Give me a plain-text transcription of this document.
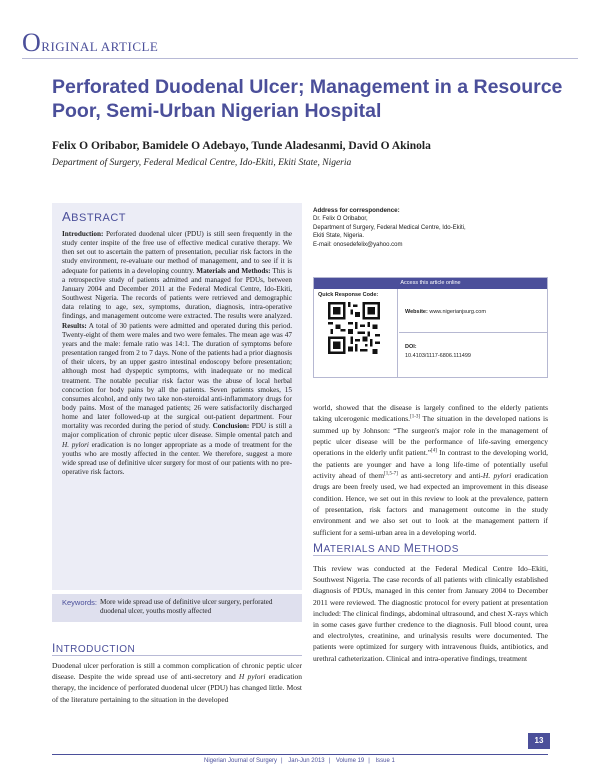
ORIGINAL ARTICLE
Perforated Duodenal Ulcer; Management in a Resource Poor, Semi-Urban Nigerian Hospital
Felix O Oribabor, Bamidele O Adebayo, Tunde Aladesanmi, David O Akinola
Department of Surgery, Federal Medical Centre, Ido-Ekiti, Ekiti State, Nigeria
ABSTRACT
Introduction: Perforated duodenal ulcer (PDU) is still seen frequently in the study center inspite of the free use of effective medical curative therapy. We then set out to ascertain the pattern of presentation, peculiar risk factors in the study environment, re-evaluate our method of management, and to see if it is adequate for patients in a developing country. Materials and Methods: This is a retrospective study of patients admitted and managed for PDUs, between January 2004 and December 2011 at the Federal Medical Centre, Ido-Ekiti, Southwest Nigeria. The records of patients were retrieved and demographic data relating to age, sex, symptoms, duration, diagnosis, intra-operative findings, and management outcome were extracted. The results were analyzed. Results: A total of 30 patients were admitted and operated during this period. Twenty-eight of them were males and two were females. The mean age was 47 years and the male: female ratio was 14:1. The duration of symptoms before presentation ranged from 2 to 7 days. None of the patients had a prior diagnosis of their ulcers, by an upper gastro intestinal endoscopy before presentation; although most had dyspeptic symptoms, with inadequate or no medical treatment. The notable peculiar risk factor was the abuse of local herbal concoction for body pains by all the patients. Seven patients smokes, 15 consumes alcohol, and only two take non-steroidal anti-inflammatory drugs for body pains. Most of the managed patients; 26 were satisfactorily discharged home and later followed-up at the surgical out-patient department. Four mortality was recorded during the period of study. Conclusion: PDU is still a major complication of chronic peptic ulcer disease. Simple omental patch and H. pylori eradication is no longer appropriate as a mode of treatment for the youths who are mostly affected in the center. We therefore, suggest a more wide spread use of definitive ulcer surgery for most of our patients with no pre-operative risk factors.
Keywords: More wide spread use of definitive ulcer surgery, perforated duodenal ulcer, youths mostly affected
INTRODUCTION
Duodenal ulcer perforation is still a common complication of chronic peptic ulcer disease. Despite the wide spread use of anti-secretory and H pylori eradication therapy, the incidence of perforated duodenal ulcer (PDU) has changed little. Most of the literature pertaining to the situation in the developed
Address for correspondence:
Dr. Felix O Oribabor,
Department of Surgery, Federal Medical Centre, Ido-Ekiti,
Ekiti State, Nigeria.
E-mail: onosedefelix@yahoo.com
Access this article online
Quick Response Code:
Website: www.nigerianjsurg.com
DOI:
10.4103/1117-6806.111499
world, showed that the disease is largely confined to the elderly patients taking ulcerogenic medications.[1-3] The situation in the developed nations is summed up by Johnson: “The surgeon's major role in the management of peptic ulcer disease will be the performance of life-saving emergency operations in the elderly unfit patient.”[4] In contrast to the developing world, the patients are younger and have a long life-time of potentially useful activity ahead of them[1,5-7] as anti-secretory and anti-H. pylori eradication drugs are been freely used, we had expected an improvement in this disease condition. Hence, we set out in this review to look at the prevalence, pattern of presentation, risk factors and management outcome in the study environment and we also set out to look at the management pattern if sufficient for a semi-urban area in a developing world.
MATERIALS AND METHODS
This review was conducted at the Federal Medical Centre Ido–Ekiti, Southwest Nigeria. The case records of all patients with clinically established diagnosis of PDUs, managed in this center from January 2004 to December 2011 were reviewed. The diagnostic protocol for every patient at presentation included: The clinical findings, abdominal ultrasound, and chest X-rays which in some cases gave further credence to the diagnosis. Full blood count, urea and electrolytes, creatinine, and urinalysis results were documented. The patients were optimized for surgery with intravenous fluids, antibiotics, and urethral catheterization. Clinical and intra-operative findings, treatment
13
Nigerian Journal of Surgery | Jan-Jun 2013 | Volume 19 | Issue 1
